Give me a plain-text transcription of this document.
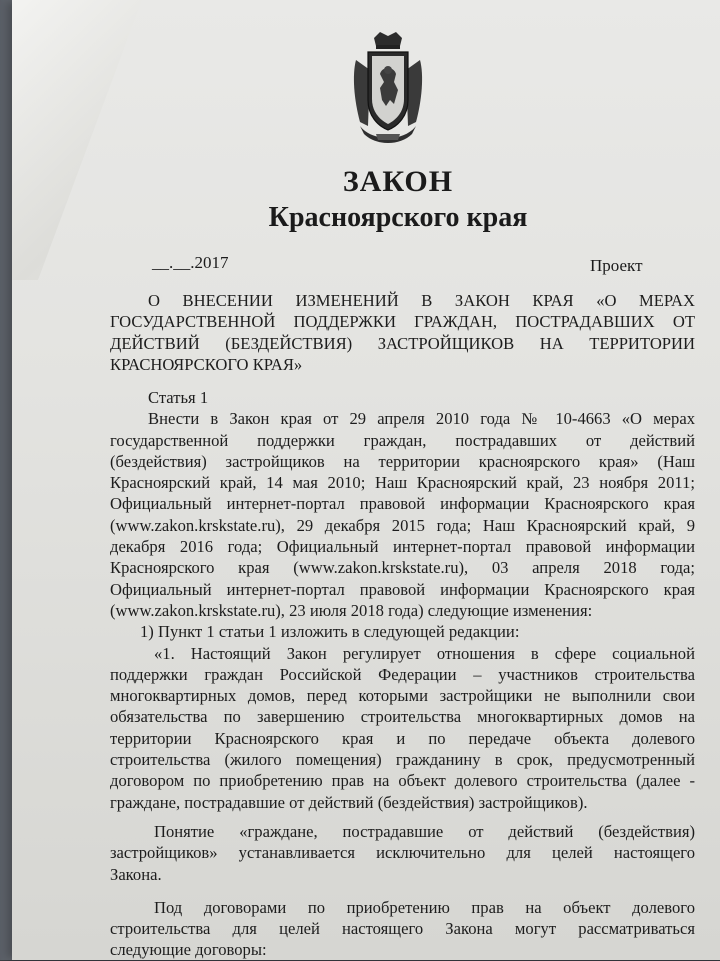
ЗАКОН
Красноярского края
__.__.2017	Проект
О ВНЕСЕНИИ ИЗМЕНЕНИЙ В ЗАКОН КРАЯ «О МЕРАХ
ГОСУДАРСТВЕННОЙ ПОДДЕРЖКИ ГРАЖДАН, ПОСТРАДАВШИХ ОТ
ДЕЙСТВИЙ (БЕЗДЕЙСТВИЯ) ЗАСТРОЙЩИКОВ НА ТЕРРИТОРИИ
КРАСНОЯРСКОГО КРАЯ»
Статья 1
Внести в Закон края от 29 апреля 2010 года № 10-4663 «О мерах
государственной поддержки граждан, пострадавших от действий
(бездействия) застройщиков на территории красноярского края» (Наш
Красноярский край, 14 мая 2010; Наш Красноярский край, 23 ноября 2011;
Официальный интернет-портал правовой информации Красноярского края
(www.zakon.krskstate.ru), 29 декабря 2015 года; Наш Красноярский край, 9
декабря 2016 года; Официальный интернет-портал правовой информации
Красноярского края (www.zakon.krskstate.ru), 03 апреля 2018 года;
Официальный интернет-портал правовой информации Красноярского края
(www.zakon.krskstate.ru), 23 июля 2018 года) следующие изменения:
1) Пункт 1 статьи 1 изложить в следующей редакции:
«1. Настоящий Закон регулирует отношения в сфере социальной
поддержки граждан Российской Федерации – участников строительства
многоквартирных домов, перед которыми застройщики не выполнили свои
обязательства по завершению строительства многоквартирных домов на
территории Красноярского края и по передаче объекта долевого
строительства (жилого помещения) гражданину в срок, предусмотренный
договором по приобретению прав на объект долевого строительства (далее -
граждане, пострадавшие от действий (бездействия) застройщиков).
Понятие «граждане, пострадавшие от действий (бездействия)
застройщиков» устанавливается исключительно для целей настоящего
Закона.
Под договорами по приобретению прав на объект долевого
строительства для целей настоящего Закона могут рассматриваться
следующие договоры:
